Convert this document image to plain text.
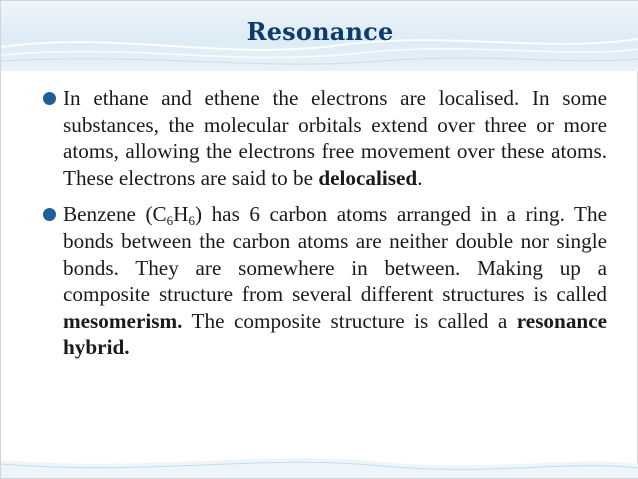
Resonance
In ethane and ethene the electrons are localised. In some substances, the molecular orbitals extend over three or more atoms, allowing the electrons free movement over these atoms. These electrons are said to be delocalised.
Benzene $(C_6H_6)$ has 6 carbon atoms arranged in a ring. The bonds between the carbon atoms are neither double nor single bonds. They are somewhere in between. Making up a composite structure from several different structures is called mesomerism. The composite structure is called a resonance hybrid.
